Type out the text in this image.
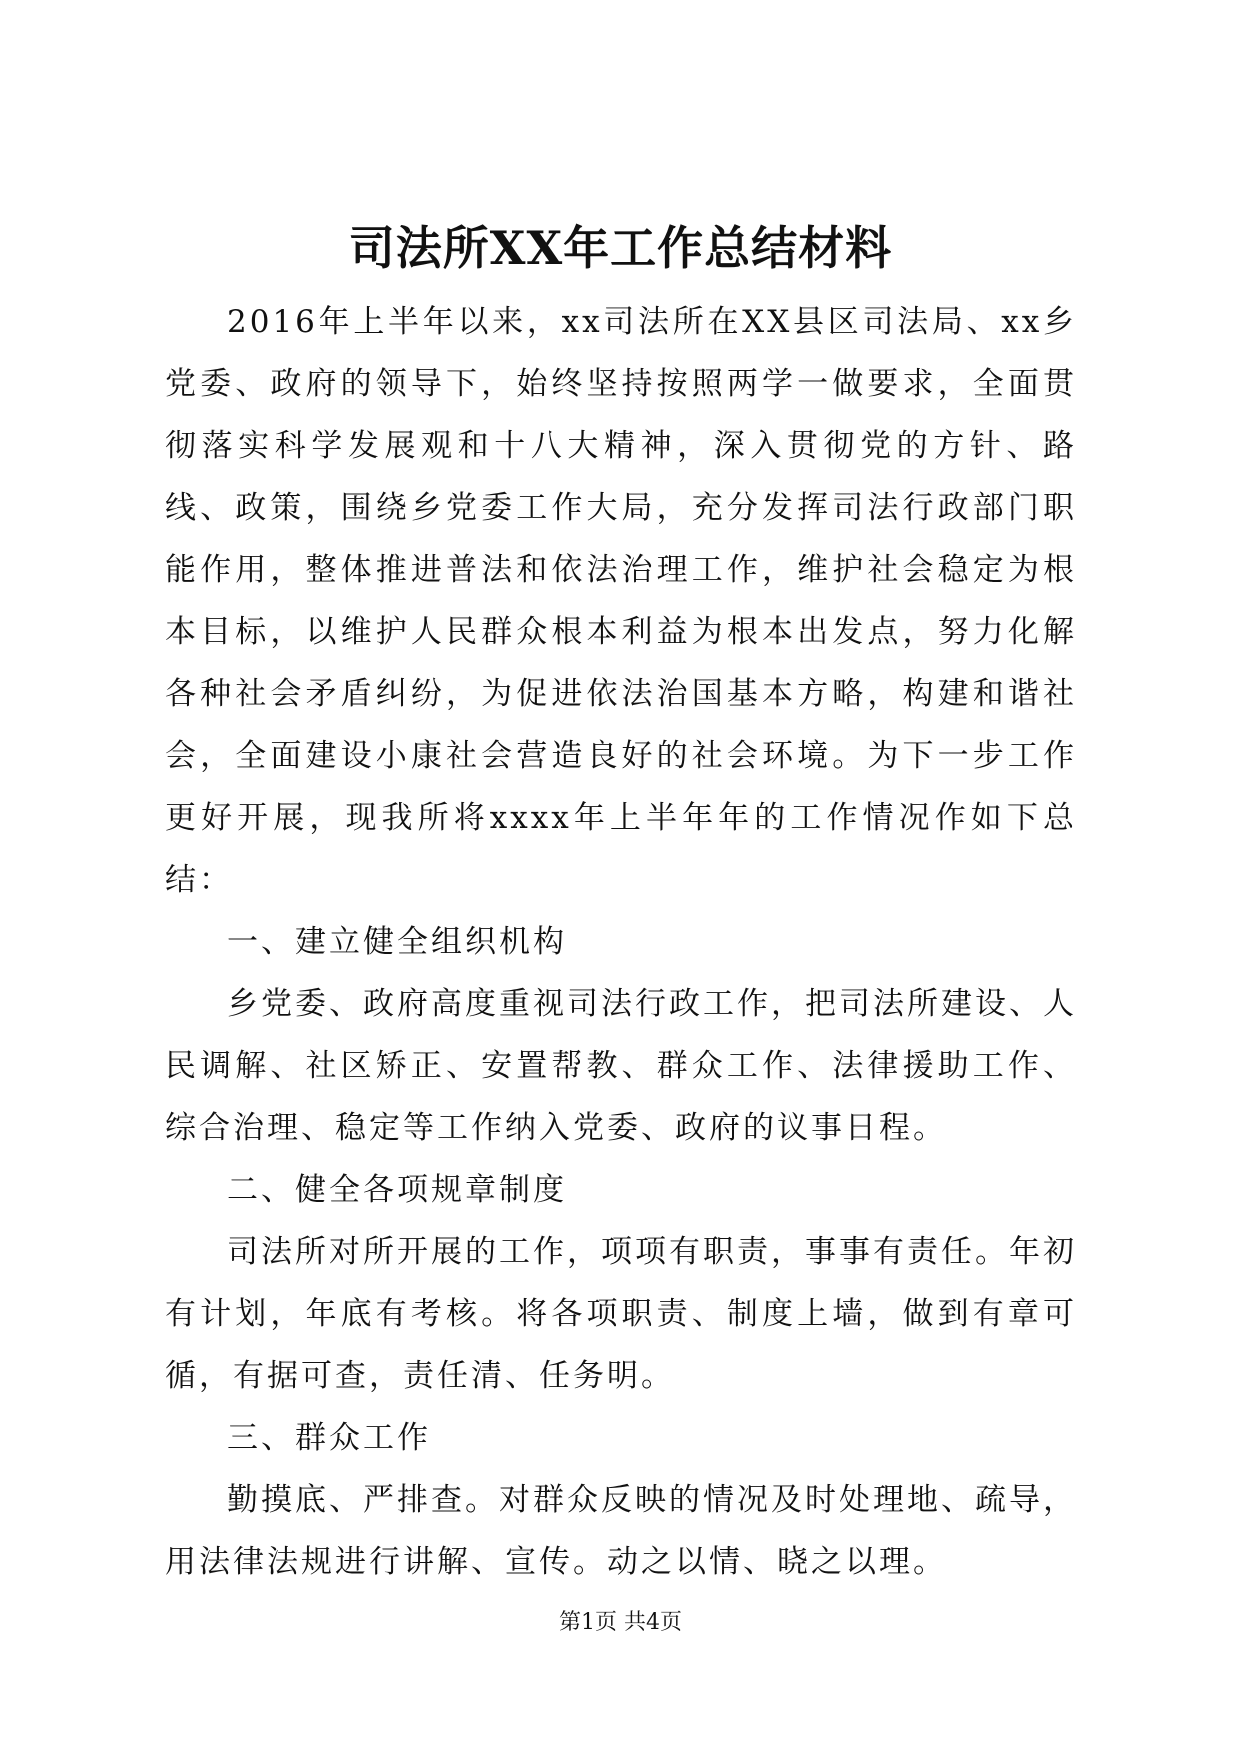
司法所XX年工作总结材料

2016年上半年以来，xx司法所在XX县区司法局、xx乡党委、政府的领导下，始终坚持按照两学一做要求，全面贯彻落实科学发展观和十八大精神，深入贯彻党的方针、路线、政策，围绕乡党委工作大局，充分发挥司法行政部门职能作用，整体推进普法和依法治理工作，维护社会稳定为根本目标，以维护人民群众根本利益为根本出发点，努力化解各种社会矛盾纠纷，为促进依法治国基本方略，构建和谐社会，全面建设小康社会营造良好的社会环境。为下一步工作更好开展，现我所将xxxx年上半年年的工作情况作如下总结：

一、建立健全组织机构

乡党委、政府高度重视司法行政工作，把司法所建设、人民调解、社区矫正、安置帮教、群众工作、法律援助工作、综合治理、稳定等工作纳入党委、政府的议事日程。

二、健全各项规章制度

司法所对所开展的工作，项项有职责，事事有责任。年初有计划，年底有考核。将各项职责、制度上墙，做到有章可循，有据可查，责任清、任务明。

三、群众工作

勤摸底、严排查。对群众反映的情况及时处理地、疏导，用法律法规进行讲解、宣传。动之以情、晓之以理。

第1页 共4页
